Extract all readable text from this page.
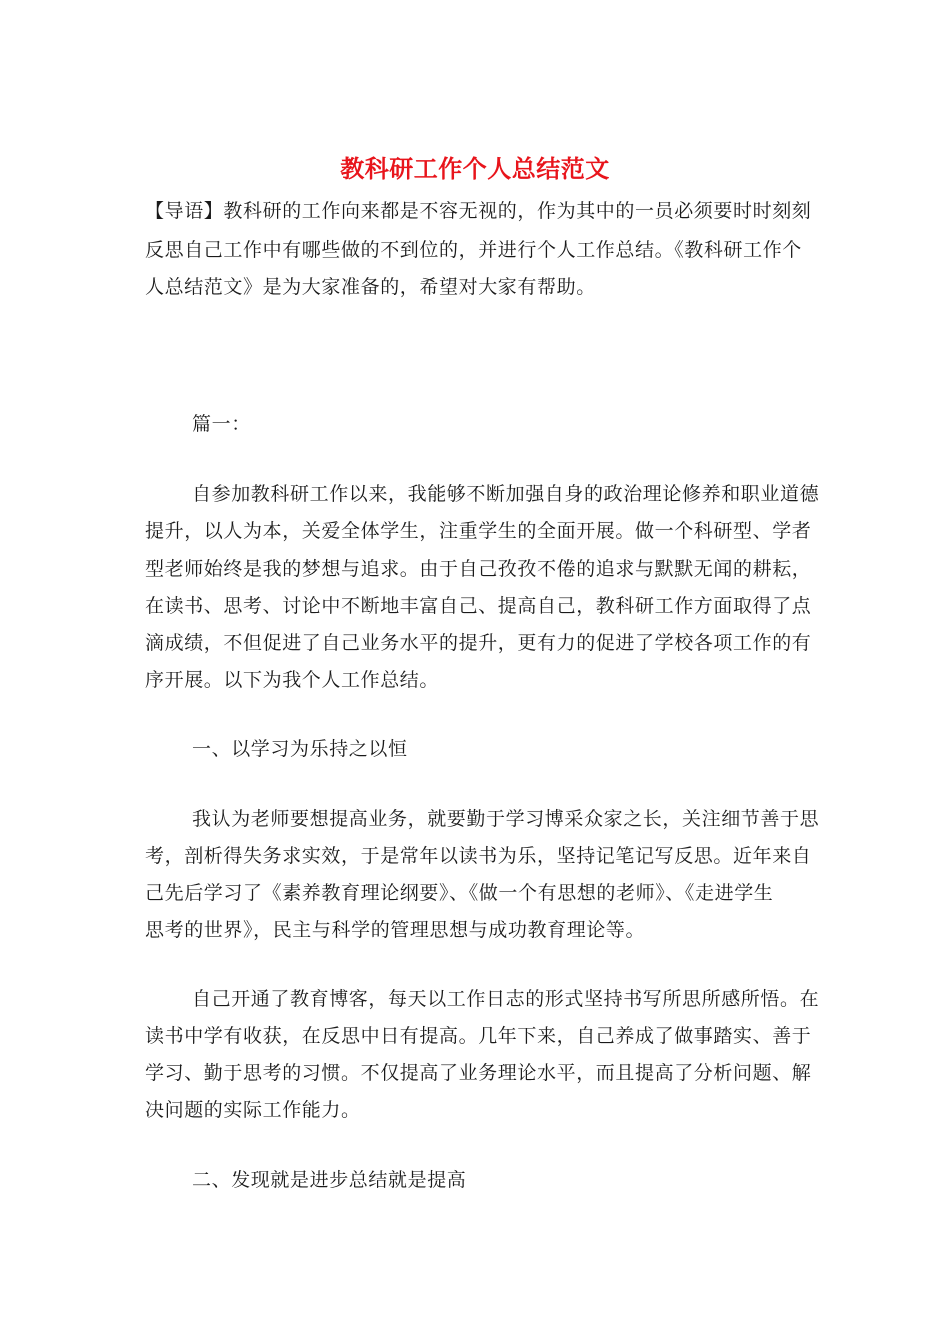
教科研工作个人总结范文
【导语】教科研的工作向来都是不容无视的，作为其中的一员必须要时时刻刻
反思自己工作中有哪些做的不到位的，并进行个人工作总结。《教科研工作个
人总结范文》是为大家准备的，希望对大家有帮助。
篇一：
自参加教科研工作以来，我能够不断加强自身的政治理论修养和职业道德
提升，以人为本，关爱全体学生，注重学生的全面开展。做一个科研型、学者
型老师始终是我的梦想与追求。由于自己孜孜不倦的追求与默默无闻的耕耘，
在读书、思考、讨论中不断地丰富自己、提高自己，教科研工作方面取得了点
滴成绩，不但促进了自己业务水平的提升，更有力的促进了学校各项工作的有
序开展。以下为我个人工作总结。
一、以学习为乐持之以恒
我认为老师要想提高业务，就要勤于学习博采众家之长，关注细节善于思
考，剖析得失务求实效，于是常年以读书为乐，坚持记笔记写反思。近年来自
己先后学习了《素养教育理论纲要》、《做一个有思想的老师》、《走进学生
思考的世界》，民主与科学的管理思想与成功教育理论等。
自己开通了教育博客，每天以工作日志的形式坚持书写所思所感所悟。在
读书中学有收获，在反思中日有提高。几年下来，自己养成了做事踏实、善于
学习、勤于思考的习惯。不仅提高了业务理论水平，而且提高了分析问题、解
决问题的实际工作能力。
二、发现就是进步总结就是提高
